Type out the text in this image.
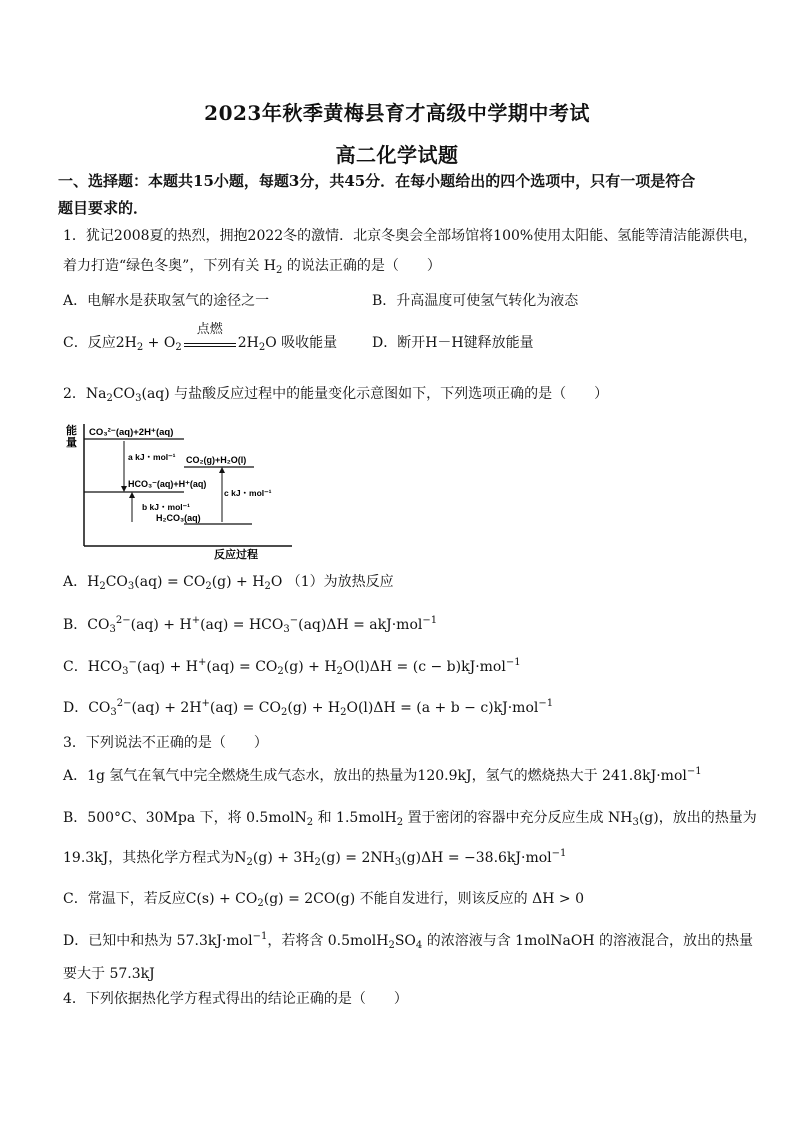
2023年秋季黄梅县育才高级中学期中考试
高二化学试题
一、选择题：本题共15小题，每题3分，共45分．在每小题给出的四个选项中，只有一项是符合
题目要求的．
1．犹记2008夏的热烈，拥抱2022冬的激情．北京冬奥会全部场馆将100%使用太阳能、氢能等清洁能源供电，
着力打造“绿色冬奥”，下列有关 $H_2$ 的说法正确的是（　　）
A．电解水是获取氢气的途径之一	B．升高温度可使氢气转化为液态
C．反应$2H_2 + O_2$
点燃
$2H_2O$ 吸收能量 D．断开H－H键释放能量
2．$Na_2CO_3(aq)$ 与盐酸反应过程中的能量变化示意图如下，下列选项正确的是（　　）
能
量
反应过程
CO₃²⁻(aq)+2H⁺(aq)
CO₂(g)+H₂O(l)
HCO₃⁻(aq)+H⁺(aq)
H₂CO₃(aq)
a kJ・mol⁻¹
b kJ・mol⁻¹
c kJ・mol⁻¹
A．$H_2CO_3(aq) = CO_2(g) + H_2O$ （1）为放热反应
B．$CO_3^{2-}(aq) + H^+(aq) = HCO_3^-(aq)\Delta H = akJ\cdot mol^{-1}$
C．$HCO_3^-(aq) + H^+(aq) = CO_2(g) + H_2O(l)\Delta H = (c - b)kJ\cdot mol^{-1}$
D．$CO_3^{2-}(aq) + 2H^+(aq) = CO_2(g) + H_2O(l)\Delta H = (a + b - c)kJ\cdot mol^{-1}$
3．下列说法不正确的是（　　）
A．1g 氢气在氧气中完全燃烧生成气态水，放出的热量为120.9kJ，氢气的燃烧热大于 241.8kJ·mol$^{-1}$
B．500°C、30Mpa 下，将 0.5molN$_2$ 和 1.5molH$_2$ 置于密闭的容器中充分反应生成 $NH_3(g)$，放出的热量为
19.3kJ，其热化学方程式为$N_2(g) + 3H_2(g) = 2NH_3(g)\Delta H = -38.6kJ\cdot mol^{-1}$
C．常温下，若反应$C(s) + CO_2(g) = 2CO(g)$ 不能自发进行，则该反应的 ΔH > 0
D．已知中和热为 57.3kJ·mol$^{-1}$，若将含 $0.5molH_2SO_4$ 的浓溶液与含 1molNaOH 的溶液混合，放出的热量
要大于 57.3kJ
4．下列依据热化学方程式得出的结论正确的是（　　）
